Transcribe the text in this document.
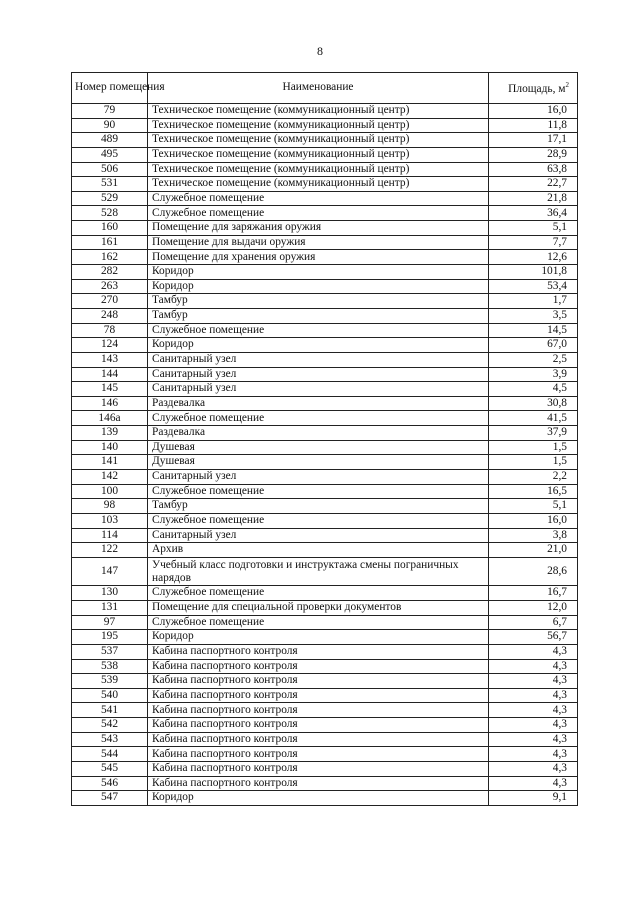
8
Номер помещения	Наименование	Площадь, $м^2$
79	Техническое помещение (коммуникационный центр)	16,0
90	Техническое помещение (коммуникационный центр)	11,8
489	Техническое помещение (коммуникационный центр)	17,1
495	Техническое помещение (коммуникационный центр)	28,9
506	Техническое помещение (коммуникационный центр)	63,8
531	Техническое помещение (коммуникационный центр)	22,7
529	Служебное помещение	21,8
528	Служебное помещение	36,4
160	Помещение для заряжания оружия	5,1
161	Помещение для выдачи оружия	7,7
162	Помещение для хранения оружия	12,6
282	Коридор	101,8
263	Коридор	53,4
270	Тамбур	1,7
248	Тамбур	3,5
78	Служебное помещение	14,5
124	Коридор	67,0
143	Санитарный узел	2,5
144	Санитарный узел	3,9
145	Санитарный узел	4,5
146	Раздевалка	30,8
146а	Служебное помещение	41,5
139	Раздевалка	37,9
140	Душевая	1,5
141	Душевая	1,5
142	Санитарный узел	2,2
100	Служебное помещение	16,5
98	Тамбур	5,1
103	Служебное помещение	16,0
114	Санитарный узел	3,8
122	Архив	21,0
147	Учебный класс подготовки и инструктажа смены пограничных нарядов	28,6
130	Служебное помещение	16,7
131	Помещение для специальной проверки документов	12,0
97	Служебное помещение	6,7
195	Коридор	56,7
537	Кабина паспортного контроля	4,3
538	Кабина паспортного контроля	4,3
539	Кабина паспортного контроля	4,3
540	Кабина паспортного контроля	4,3
541	Кабина паспортного контроля	4,3
542	Кабина паспортного контроля	4,3
543	Кабина паспортного контроля	4,3
544	Кабина паспортного контроля	4,3
545	Кабина паспортного контроля	4,3
546	Кабина паспортного контроля	4,3
547	Коридор	9,1
